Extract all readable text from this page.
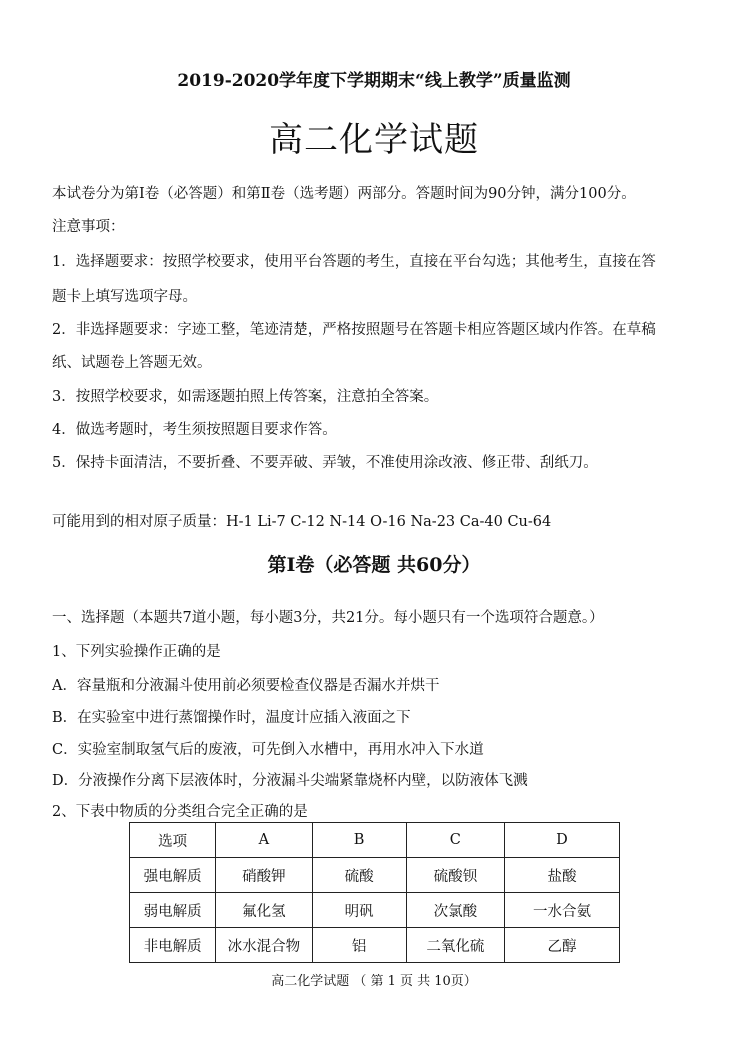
2019-2020学年度下学期期末“线上教学”质量监测
高二化学试题
本试卷分为第Ⅰ卷（必答题）和第Ⅱ卷（选考题）两部分。答题时间为90分钟，满分100分。
注意事项：
1．选择题要求：按照学校要求，使用平台答题的考生，直接在平台勾选；其他考生，直接在答
题卡上填写选项字母。
2．非选择题要求：字迹工整，笔迹清楚，严格按照题号在答题卡相应答题区域内作答。在草稿
纸、试题卷上答题无效。
3．按照学校要求，如需逐题拍照上传答案，注意拍全答案。
4．做选考题时，考生须按照题目要求作答。
5．保持卡面清洁，不要折叠、不要弄破、弄皱，不准使用涂改液、修正带、刮纸刀。
可能用到的相对原子质量：H-1 Li-7 C-12 N-14 O-16 Na-23 Ca-40 Cu-64
第I卷（必答题 共60分）
一、选择题（本题共7道小题，每小题3分，共21分。每小题只有一个选项符合题意。）
1、下列实验操作正确的是
A．容量瓶和分液漏斗使用前必须要检查仪器是否漏水并烘干
B．在实验室中进行蒸馏操作时，温度计应插入液面之下
C．实验室制取氢气后的废液，可先倒入水槽中，再用水冲入下水道
D．分液操作分离下层液体时，分液漏斗尖端紧靠烧杯内壁，以防液体飞溅
2、下表中物质的分类组合完全正确的是
选项	A	B	C	D
强电解质	硝酸钾	硫酸	硫酸钡	盐酸
弱电解质	氟化氢	明矾	次氯酸	一水合氨
非电解质	冰水混合物	铝	二氧化硫	乙醇
高二化学试题 （ 第 1 页 共 10页）
